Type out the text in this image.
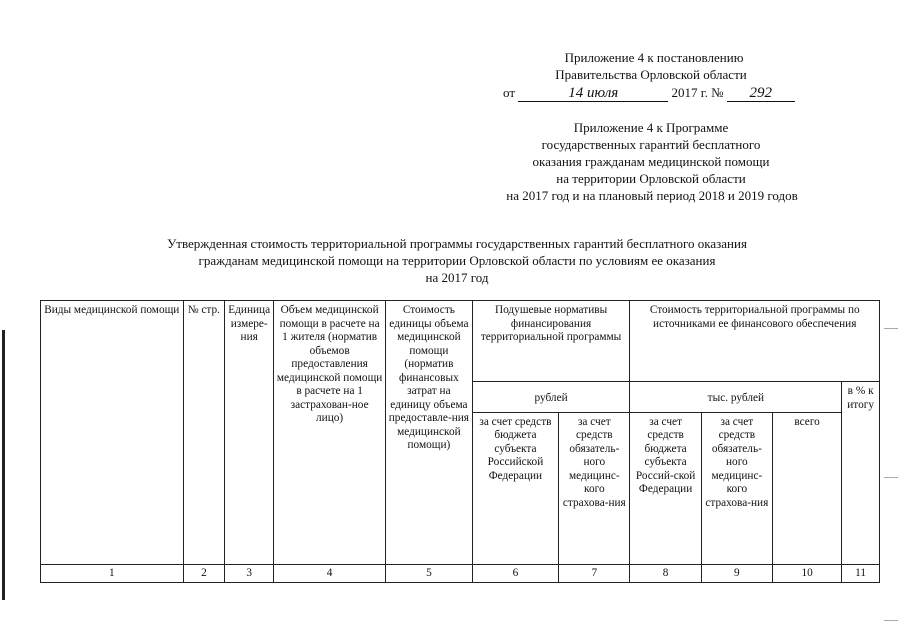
Приложение 4 к постановлению
Правительства Орловской области
от	14 июля	2017 г. № 292
Приложение 4 к Программе
государственных гарантий бесплатного
оказания гражданам медицинской помощи
на территории Орловской области
на 2017 год и на плановый период 2018 и 2019 годов
Утвержденная стоимость территориальной программы государственных гарантий бесплатного оказания
гражданам медицинской помощи на территории Орловской области по условиям ее оказания
на 2017 год
Виды медицинской помощи	№ стр.	Единица измере-ния	Объем медицинской помощи в расчете на 1 жителя (норматив объемов предоставления медицинской помощи в расчете на 1 застрахован-ное лицо)	Стоимость единицы объема медицинской помощи (норматив финансовых затрат на единицу объема предоставле-ния медицинской помощи)	Подушевые нормативы финансирования территориальной программы		Стоимость территориальной программы по источниками ее финансового обеспечения			
					рублей		тыс. рублей			в % к итогу
					за счет средств бюджета субъекта Российской Федерации	за счет средств обязатель-ного медицинс-кого страхова-ния	за счет средств бюджета субъекта Россий-ской Федерации	за счет средств обязатель-ного медицинс-кого страхова-ния	всего	
1	2	3	4	5	6	7	8	9	10	11
